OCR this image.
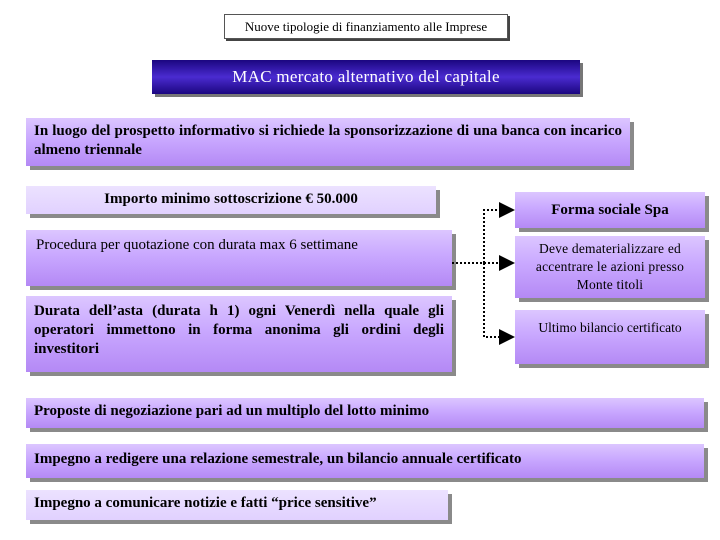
Nuove tipologie di finanziamento alle Imprese
MAC mercato alternativo del capitale
In luogo del prospetto informativo si richiede la sponsorizzazione di una banca con incarico almeno triennale
Importo minimo sottoscrizione € 50.000
Forma sociale Spa
Procedura per quotazione con durata max 6 settimane	Deve dematerializzare ed accentrare le azioni presso Monte titoli
Durata dell’asta (durata h 1) ogni Venerdì nella quale gli operatori immettono in forma anonima gli ordini degli investitori
Ultimo bilancio certificato
Proposte di negoziazione pari ad un multiplo del lotto minimo
Impegno a redigere una relazione semestrale, un bilancio annuale certificato
Impegno a comunicare notizie e fatti “price sensitive”
